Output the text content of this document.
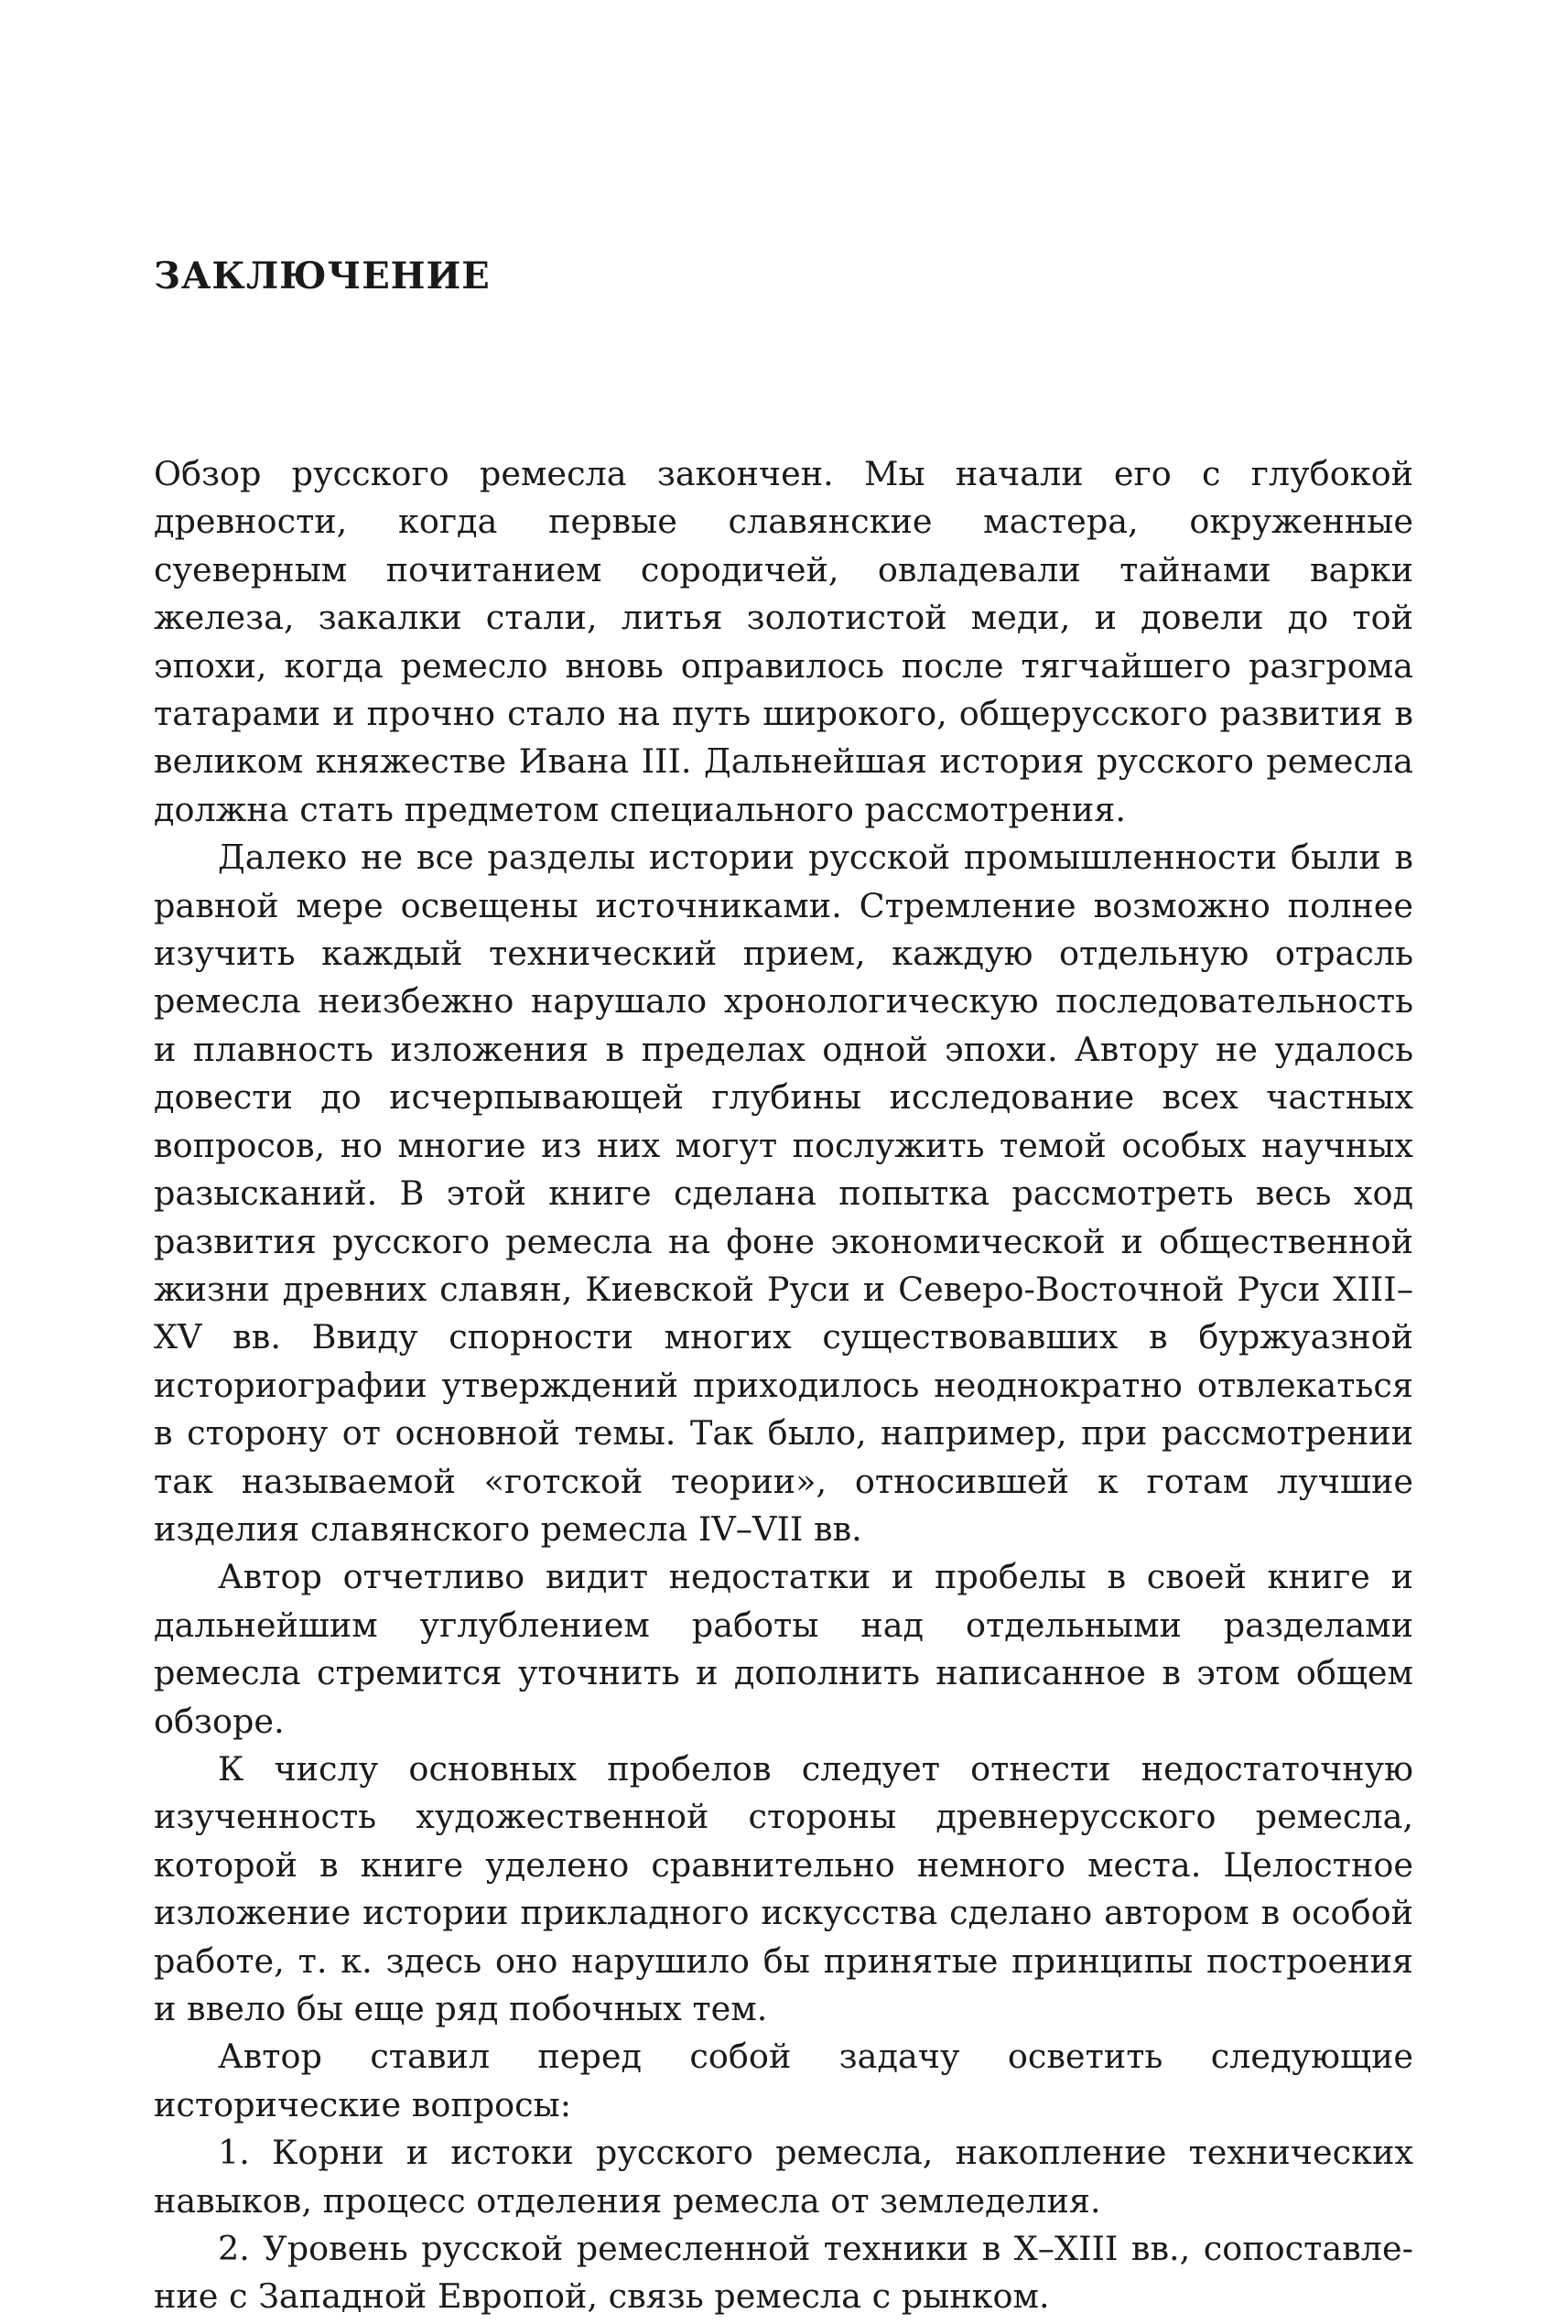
ЗАКЛЮЧЕНИЕ

Обзор русского ремесла закончен. Мы начали его с глубокой древности, когда первые славянские мастера, окруженные суеверным почитанием сородичей, овладевали тайнами варки железа, закалки стали, литья золотистой меди, и довели до той эпохи, когда ремесло вновь оправилось после тягчайшего разгрома татарами и прочно стало на путь широкого, общерусского развития в великом княжестве Ивана III. Дальнейшая история русского ремесла должна стать предметом специального рассмотрения.

Далеко не все разделы истории русской промышленности были в равной мере освещены источниками. Стремление возможно полнее изучить каждый технический прием, каждую отдельную отрасль ремесла неизбежно нарушало хронологическую последовательность и плавность изложения в пределах одной эпохи. Автору не удалось довести до исчерпывающей глубины исследование всех частных вопросов, но многие из них могут послужить темой особых научных разысканий. В этой книге сделана попытка рассмотреть весь ход развития русского ремесла на фоне экономической и общественной жизни древних славян, Киевской Руси и Северо-Восточной Руси XIII–XV вв. Ввиду спорности многих существовавших в буржуазной историографии утверждений приходилось неоднократно отвлекаться в сторону от основной темы. Так было, например, при рассмотрении так называемой «готской теории», относившей к готам лучшие изделия славянского ремесла IV–VII вв.

Автор отчетливо видит недостатки и пробелы в своей книге и дальнейшим углублением работы над отдельными разделами ремесла стремится уточнить и дополнить написанное в этом общем обзоре.

К числу основных пробелов следует отнести недостаточную изученность художественной стороны древнерусского ремесла, которой в книге уделено сравнительно немного места. Целостное изложение истории прикладного искусства сделано автором в особой работе, т. к. здесь оно нарушило бы принятые принципы построения и ввело бы еще ряд побочных тем.

Автор ставил перед собой задачу осветить следующие исторические вопросы:

1. Корни и истоки русского ремесла, накопление технических навыков, процесс отделения ремесла от земледелия.

2. Уровень русской ремесленной техники в X–XIII вв., сопоставление с Западной Европой, связь ремесла с рынком.
